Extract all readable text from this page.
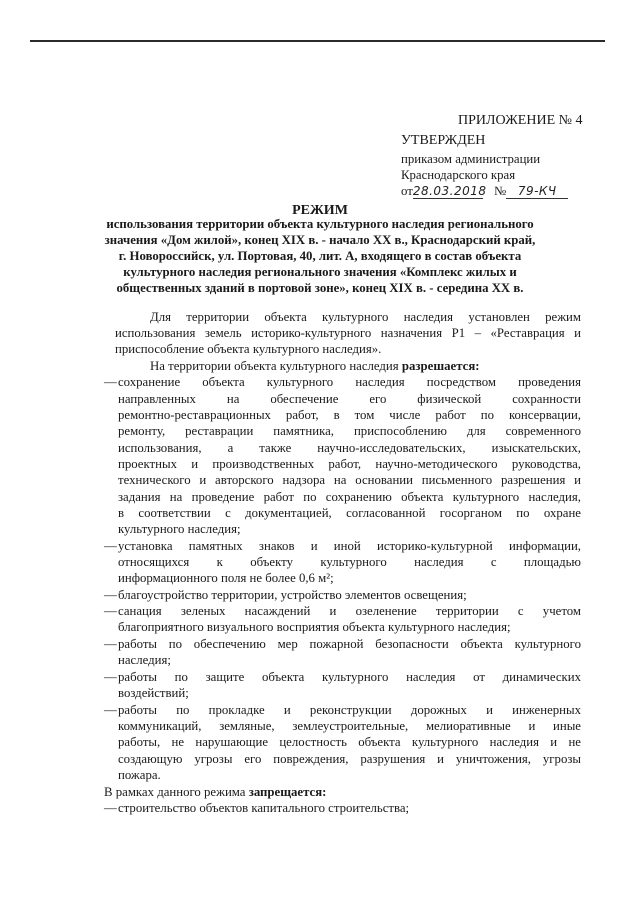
ПРИЛОЖЕНИЕ № 4
УТВЕРЖДЕН
приказом администрации
Краснодарского края
от28.03.2018 № 79-КЧ
РЕЖИМ
использования территории объекта культурного наследия регионального
значения «Дом жилой», конец XIX в. - начало XX в., Краснодарский край,
г. Новороссийск, ул. Портовая, 40, лит. А, входящего в состав объекта
культурного наследия регионального значения «Комплекс жилых и
общественных зданий в портовой зоне», конец XIX в. - середина XX в.
Для территории объекта культурного наследия установлен режим
использования земель историко-культурного назначения Р1 – «Реставрация и
приспособление объекта культурного наследия».
На территории объекта культурного наследия разрешается:
— сохранение объекта культурного наследия посредством проведения
направленных на обеспечение его физической сохранности
ремонтно-реставрационных работ, в том числе работ по консервации,
ремонту, реставрации памятника, приспособлению для современного
использования, а также научно-исследовательских, изыскательских,
проектных и производственных работ, научно-методического руководства,
технического и авторского надзора на основании письменного разрешения и
задания на проведение работ по сохранению объекта культурного наследия,
в соответствии с документацией, согласованной госорганом по охране
культурного наследия;
— установка памятных знаков и иной историко-культурной информации,
относящихся к объекту культурного наследия с площадью
информационного поля не более 0,6 м²;
— благоустройство территории, устройство элементов освещения;
— санация зеленых насаждений и озеленение территории с учетом
благоприятного визуального восприятия объекта культурного наследия;
— работы по обеспечению мер пожарной безопасности объекта культурного
наследия;
— работы по защите объекта культурного наследия от динамических
воздействий;
— работы по прокладке и реконструкции дорожных и инженерных
коммуникаций, земляные, землеустроительные, мелиоративные и иные
работы, не нарушающие целостность объекта культурного наследия и не
создающую угрозы его повреждения, разрушения и уничтожения, угрозы
пожара.
В рамках данного режима запрещается:
— строительство объектов капитального строительства;
